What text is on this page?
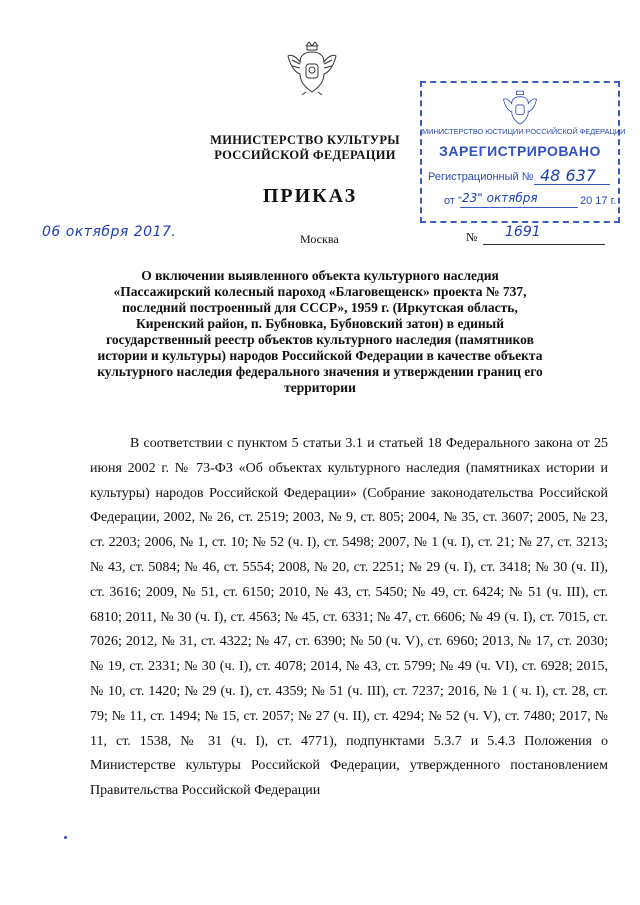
МИНИСТЕРСТВО КУЛЬТУРЫ
РОССИЙСКОЙ ФЕДЕРАЦИИ
ПРИКАЗ
06 октября 2017.	Москва	№ 1691
МИНИСТЕРСТВО ЮСТИЦИИ РОССИЙСКОЙ ФЕДЕРАЦИИ
ЗАРЕГИСТРИРОВАНО
Регистрационный № 48 637
от " 23" октября	20 17 г.
О включении выявленного объекта культурного наследия «Пассажирский колесный пароход «Благовещенск» проекта № 737, последний построенный для СССР», 1959 г. (Иркутская область, Киренский район, п. Бубновка, Бубновский затон) в единый государственный реестр объектов культурного наследия (памятников истории и культуры) народов Российской Федерации в качестве объекта культурного наследия федерального значения и утверждении границ его территории
В соответствии с пунктом 5 статьи 3.1 и статьей 18 Федерального закона от 25 июня 2002 г. № 73-ФЗ «Об объектах культурного наследия (памятниках истории и культуры) народов Российской Федерации» (Собрание законодательства Российской Федерации, 2002, № 26, ст. 2519; 2003, № 9, ст. 805; 2004, № 35, ст. 3607; 2005, № 23, ст. 2203; 2006, № 1, ст. 10; № 52 (ч. I), ст. 5498; 2007, № 1 (ч. I), ст. 21; № 27, ст. 3213; № 43, ст. 5084; № 46, ст. 5554; 2008, № 20, ст. 2251; № 29 (ч. I), ст. 3418; № 30 (ч. II), ст. 3616; 2009, № 51, ст. 6150; 2010, № 43, ст. 5450; № 49, ст. 6424; № 51 (ч. III), ст. 6810; 2011, № 30 (ч. I), ст. 4563; № 45, ст. 6331; № 47, ст. 6606; № 49 (ч. I), ст. 7015, ст. 7026; 2012, № 31, ст. 4322; № 47, ст. 6390; № 50 (ч. V), ст. 6960; 2013, № 17, ст. 2030; № 19, ст. 2331; № 30 (ч. I), ст. 4078; 2014, № 43, ст. 5799; № 49 (ч. VI), ст. 6928; 2015, № 10, ст. 1420; № 29 (ч. I), ст. 4359; № 51 (ч. III), ст. 7237; 2016, № 1 ( ч. I), ст. 28, ст. 79; № 11, ст. 1494; № 15, ст. 2057; № 27 (ч. II), ст. 4294; № 52 (ч. V), ст. 7480; 2017, № 11, ст. 1538, № 31 (ч. I), ст. 4771), подпунктами 5.3.7 и 5.4.3 Положения о Министерстве культуры Российской Федерации, утвержденного постановлением Правительства Российской Федерации
